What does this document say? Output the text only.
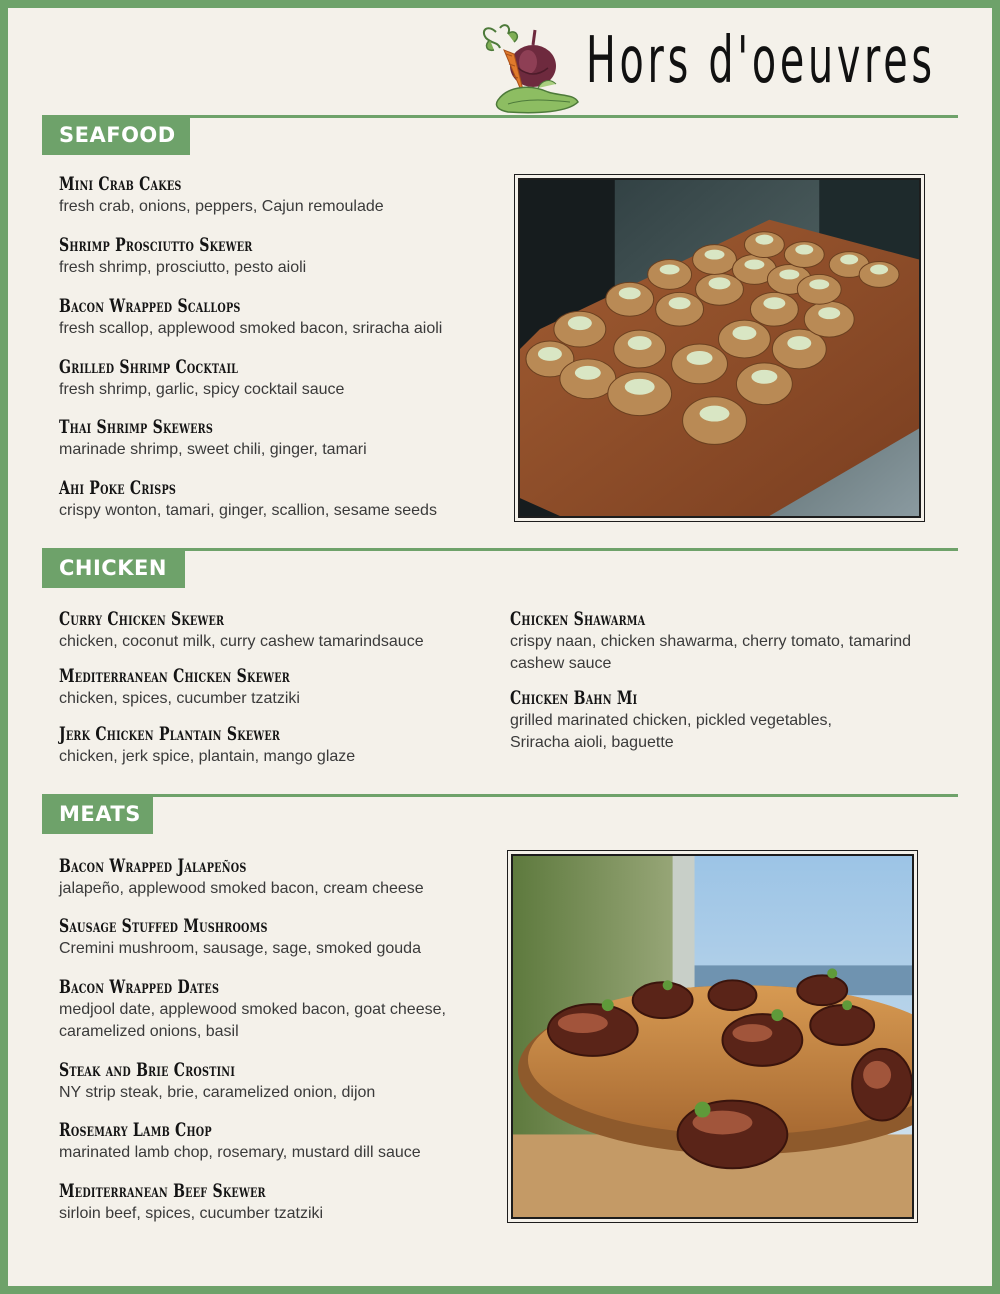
Hors d'oeuvres
SEAFOOD
Mini Crab Cakes
fresh crab, onions, peppers, Cajun remoulade
Shrimp Prosciutto Skewer
fresh shrimp, prosciutto, pesto aioli
Bacon Wrapped Scallops
fresh scallop, applewood smoked bacon, sriracha aioli
Grilled Shrimp Cocktail
fresh shrimp, garlic, spicy cocktail sauce
Thai Shrimp Skewers
marinade shrimp, sweet chili, ginger, tamari
Ahi Poke Crisps
crispy wonton, tamari, ginger, scallion, sesame seeds
CHICKEN
Curry Chicken Skewer
chicken, coconut milk, curry cashew tamarindsauce
Mediterranean Chicken Skewer
chicken, spices, cucumber tzatziki
Jerk Chicken Plantain Skewer
chicken, jerk spice, plantain, mango glaze
Chicken Shawarma
crispy naan, chicken shawarma, cherry tomato, tamarind
cashew sauce
Chicken Bahn Mi
grilled marinated chicken, pickled vegetables,
Sriracha aioli, baguette
MEATS
Bacon Wrapped Jalapeños
jalapeño, applewood smoked bacon, cream cheese
Sausage Stuffed Mushrooms
Cremini mushroom, sausage, sage, smoked gouda
Bacon Wrapped Dates
medjool date, applewood smoked bacon, goat cheese,
caramelized onions, basil
Steak and Brie Crostini
NY strip steak, brie, caramelized onion, dijon
Rosemary Lamb Chop
marinated lamb chop, rosemary, mustard dill sauce
Mediterranean Beef Skewer
sirloin beef, spices, cucumber tzatziki
